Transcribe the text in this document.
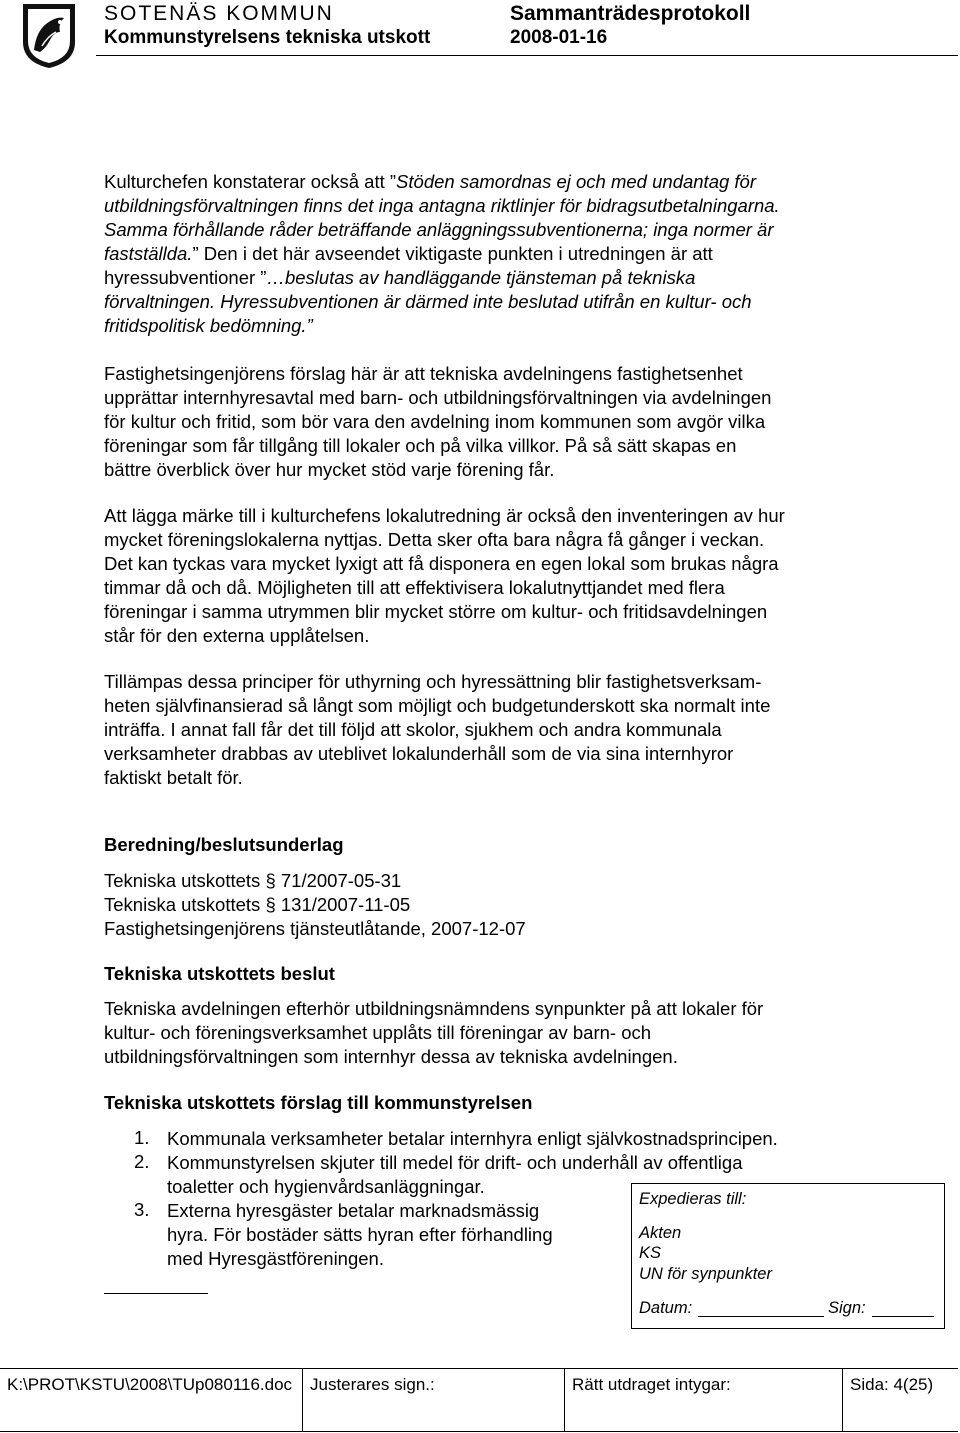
SOTENÄS KOMMUN
Kommunstyrelsens tekniska utskott
Sammanträdesprotokoll
2008-01-16
Kulturchefen konstaterar också att ”Stöden samordnas ej och med undantag för
utbildningsförvaltningen finns det inga antagna riktlinjer för bidragsutbetalningarna.
Samma förhållande råder beträffande anläggningssubventionerna; inga normer är
fastställda.” Den i det här avseendet viktigaste punkten i utredningen är att
hyressubventioner ”…beslutas av handläggande tjänsteman på tekniska
förvaltningen. Hyressubventionen är därmed inte beslutad utifrån en kultur- och
fritidspolitisk bedömning.”
Fastighetsingenjörens förslag här är att tekniska avdelningens fastighetsenhet
upprättar internhyresavtal med barn- och utbildningsförvaltningen via avdelningen
för kultur och fritid, som bör vara den avdelning inom kommunen som avgör vilka
föreningar som får tillgång till lokaler och på vilka villkor. På så sätt skapas en
bättre överblick över hur mycket stöd varje förening får.
Att lägga märke till i kulturchefens lokalutredning är också den inventeringen av hur
mycket föreningslokalerna nyttjas. Detta sker ofta bara några få gånger i veckan.
Det kan tyckas vara mycket lyxigt att få disponera en egen lokal som brukas några
timmar då och då. Möjligheten till att effektivisera lokalutnyttjandet med flera
föreningar i samma utrymmen blir mycket större om kultur- och fritidsavdelningen
står för den externa upplåtelsen.
Tillämpas dessa principer för uthyrning och hyressättning blir fastighetsverksam-
heten självfinansierad så långt som möjligt och budgetunderskott ska normalt inte
inträffa. I annat fall får det till följd att skolor, sjukhem och andra kommunala
verksamheter drabbas av uteblivet lokalunderhåll som de via sina internhyror
faktiskt betalt för.
Beredning/beslutsunderlag
Tekniska utskottets § 71/2007-05-31
Tekniska utskottets § 131/2007-11-05
Fastighetsingenjörens tjänsteutlåtande, 2007-12-07
Tekniska utskottets beslut
Tekniska avdelningen efterhör utbildningsnämndens synpunkter på att lokaler för
kultur- och föreningsverksamhet upplåts till föreningar av barn- och
utbildningsförvaltningen som internhyr dessa av tekniska avdelningen.
Tekniska utskottets förslag till kommunstyrelsen
1. Kommunala verksamheter betalar internhyra enligt självkostnadsprincipen.
2. Kommunstyrelsen skjuter till medel för drift- och underhåll av offentliga
toaletter och hygienvårdsanläggningar.
3. Externa hyresgäster betalar marknadsmässig
hyra. För bostäder sätts hyran efter förhandling
med Hyresgästföreningen.
Expedieras till:
Akten
KS
UN för synpunkter
Datum:	Sign:
K:\PROT\KSTU\2008\TUp080116.doc Justerares sign.:	Rätt utdraget intygar:	Sida: 4(25)
